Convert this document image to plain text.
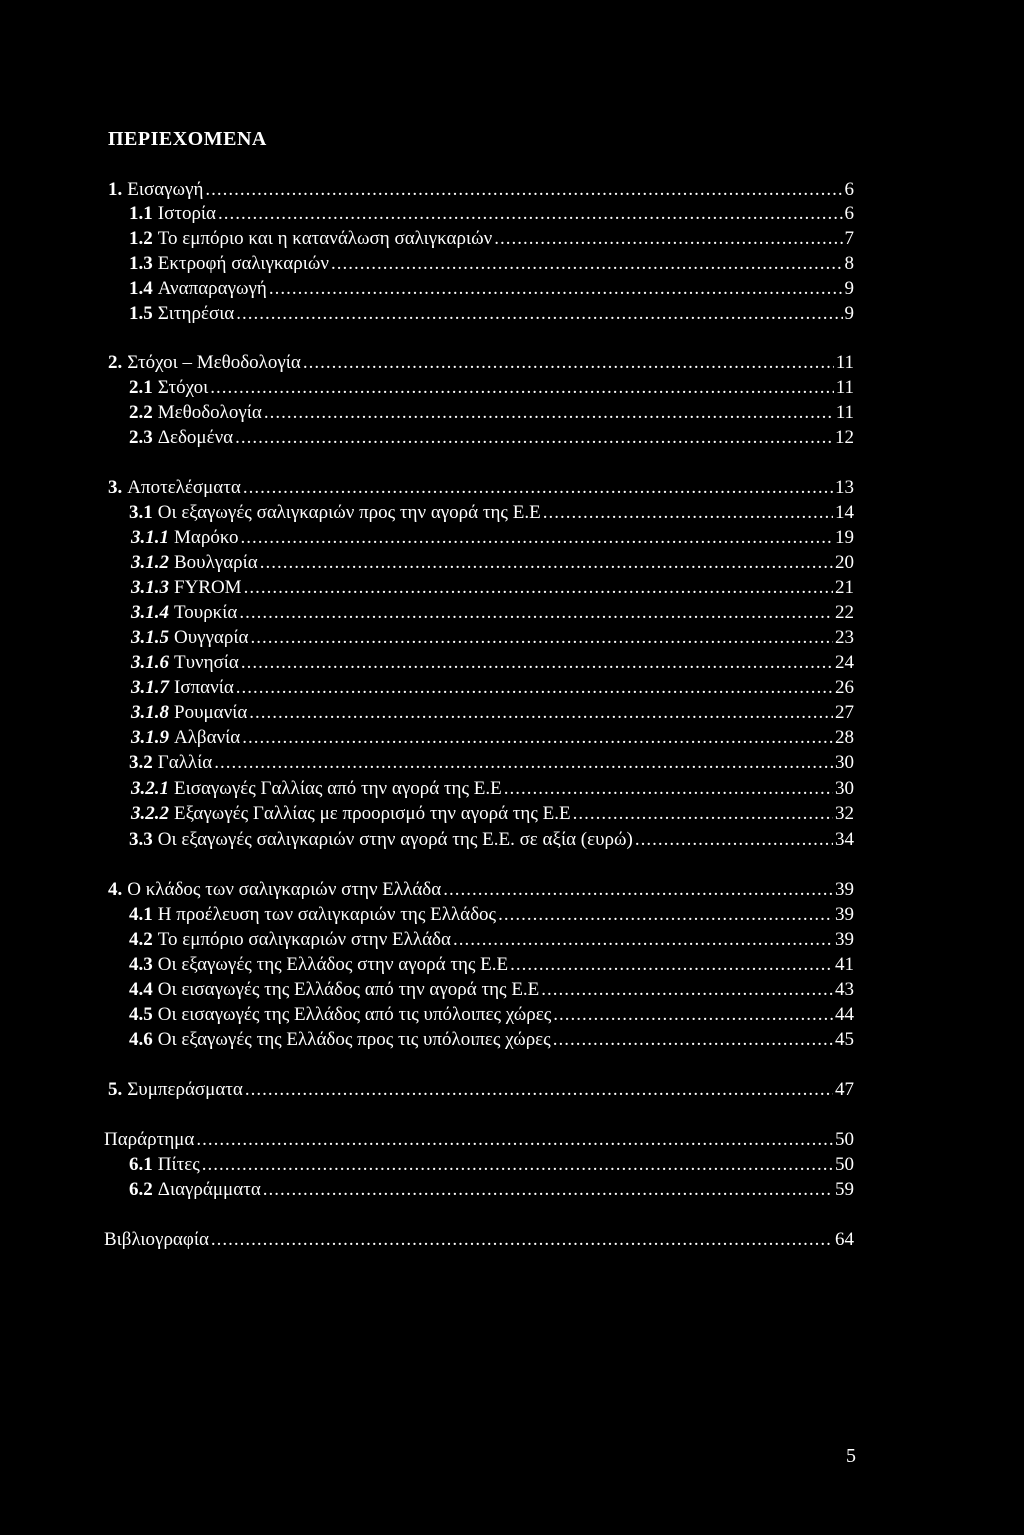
ΠΕΡΙΕΧΟΜΕΝΑ
1. Εισαγωγή .....	6
1.1 Ιστορία .....	6
1.2 Το εμπόριο και η κατανάλωση σαλιγκαριών .....	7
1.3 Εκτροφή σαλιγκαριών .....	8
1.4 Αναπαραγωγή .....	9
1.5 Σιτηρέσια .....	9
2. Στόχοι – Μεθοδολογία .....	11
2.1 Στόχοι .....	11
2.2 Μεθοδολογία .....	11
2.3 Δεδομένα .....	12
3. Αποτελέσματα .....	13
3.1 Οι εξαγωγές σαλιγκαριών προς την αγορά της Ε.Ε .....	14
3.1.1 Μαρόκο .....	19
3.1.2 Βουλγαρία .....	20
3.1.3 FYROM .....	21
3.1.4 Τουρκία .....	22
3.1.5 Ουγγαρία .....	23
3.1.6 Τυνησία .....	24
3.1.7 Ισπανία .....	26
3.1.8 Ρουμανία .....	27
3.1.9 Αλβανία .....	28
3.2 Γαλλία .....	30
3.2.1 Εισαγωγές Γαλλίας από την αγορά της Ε.Ε .....	30
3.2.2 Εξαγωγές Γαλλίας με προορισμό την αγορά της Ε.Ε .....	32
3.3 Οι εξαγωγές σαλιγκαριών στην αγορά της Ε.Ε. σε αξία (ευρώ) .....	34
4. Ο κλάδος των σαλιγκαριών στην Ελλάδα .....	39
4.1 Η προέλευση των σαλιγκαριών της Ελλάδος .....	39
4.2 Το εμπόριο σαλιγκαριών στην Ελλάδα .....	39
4.3 Οι εξαγωγές της Ελλάδος στην αγορά της Ε.Ε .....	41
4.4 Οι εισαγωγές της Ελλάδος από την αγορά της Ε.Ε .....	43
4.5 Οι εισαγωγές της Ελλάδος από τις υπόλοιπες χώρες .....	44
4.6 Οι εξαγωγές της Ελλάδος προς τις υπόλοιπες χώρες .....	45
5. Συμπεράσματα .....	47
Παράρτημα .....	50
6.1 Πίτες .....	50
6.2 Διαγράμματα .....	59
Βιβλιογραφία .....	64
5
